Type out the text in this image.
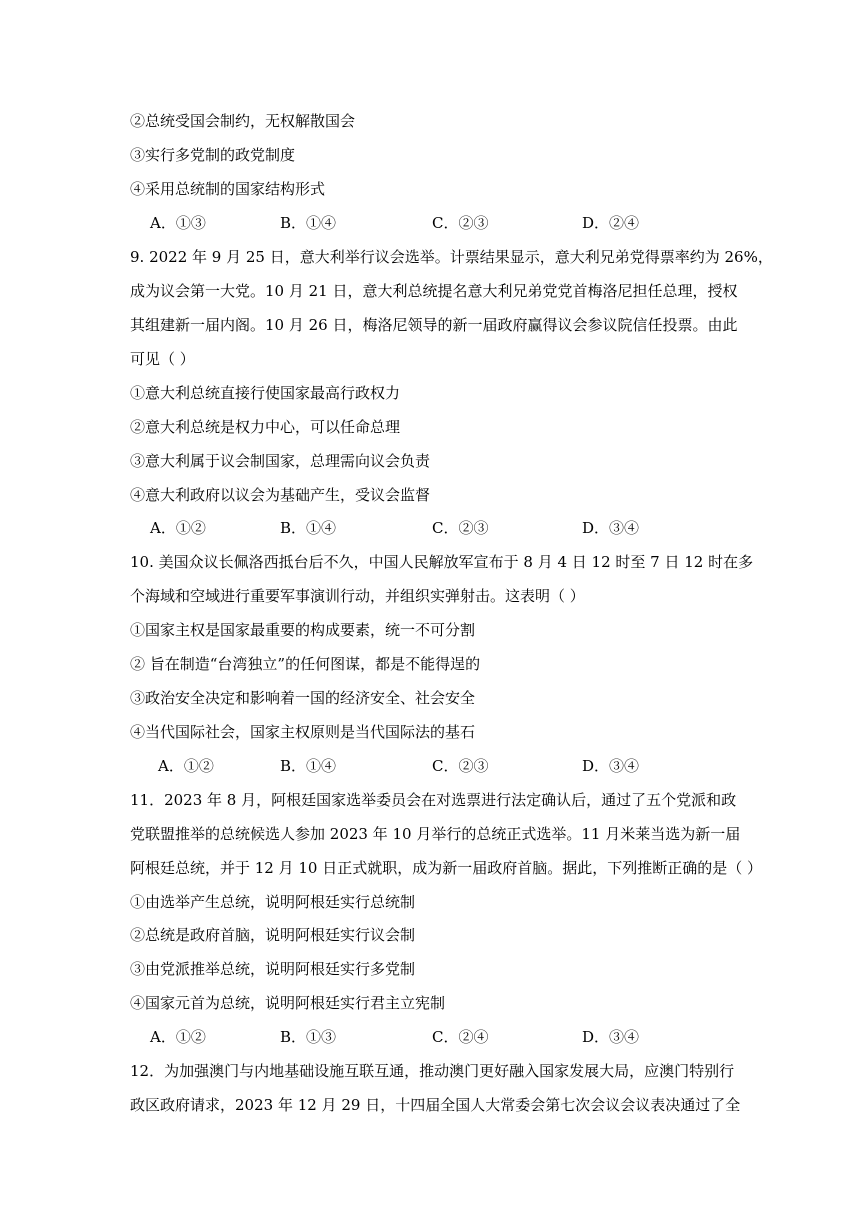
②总统受国会制约，无权解散国会
③实行多党制的政党制度
④采用总统制的国家结构形式
A．①③	B．①④	C．②③	D．②④
9. 2022 年 9 月 25 日，意大利举行议会选举。计票结果显示，意大利兄弟党得票率约为 26%，
成为议会第一大党。10 月 21 日，意大利总统提名意大利兄弟党党首梅洛尼担任总理，授权
其组建新一届内阁。10 月 26 日，梅洛尼领导的新一届政府赢得议会参议院信任投票。由此
可见（ ）
①意大利总统直接行使国家最高行政权力
②意大利总统是权力中心，可以任命总理
③意大利属于议会制国家，总理需向议会负责
④意大利政府以议会为基础产生，受议会监督
A．①②	B．①④	C．②③	D．③④
10. 美国众议长佩洛西抵台后不久，中国人民解放军宣布于 8 月 4 日 12 时至 7 日 12 时在多
个海域和空域进行重要军事演训行动，并组织实弹射击。这表明（ ）
①国家主权是国家最重要的构成要素，统一不可分割
② 旨在制造“台湾独立”的任何图谋，都是不能得逞的
③政治安全决定和影响着一国的经济安全、社会安全
④当代国际社会，国家主权原则是当代国际法的基石
A．①②	B．①④	C．②③	D．③④
11．2023 年 8 月，阿根廷国家选举委员会在对选票进行法定确认后，通过了五个党派和政
党联盟推举的总统候选人参加 2023 年 10 月举行的总统正式选举。11 月米莱当选为新一届
阿根廷总统，并于 12 月 10 日正式就职，成为新一届政府首脑。据此，下列推断正确的是（ ）
①由选举产生总统，说明阿根廷实行总统制
②总统是政府首脑，说明阿根廷实行议会制
③由党派推举总统，说明阿根廷实行多党制
④国家元首为总统，说明阿根廷实行君主立宪制
A．①②	B．①③	C．②④	D．③④
12．为加强澳门与内地基础设施互联互通，推动澳门更好融入国家发展大局，应澳门特别行
政区政府请求，2023 年 12 月 29 日，十四届全国人大常委会第七次会议会议表决通过了全
